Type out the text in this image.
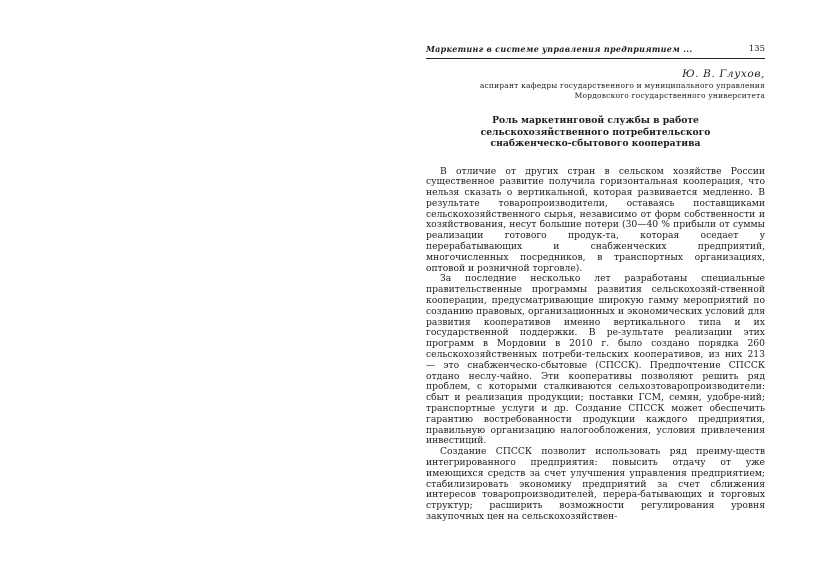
Маркетинг в системе управления предприятием ...	135
Ю. В. Глухов,
аспирант кафедры государственного и муниципального управления
Мордовского государственного университета
Роль маркетинговой службы в работе
сельскохозяйственного потребительского
снабженческо-сбытового кооператива

В отличие от других стран в сельском хозяйстве России существенное развитие получила горизонтальная кооперация, что нельзя сказать о вертикальной, которая развивается медленно. В результате товаропроизводители, оставаясь поставщиками сельскохозяйственного сырья, независимо от форм собственности и хозяйствования, несут большие потери (30—40 % прибыли от суммы реализации готового продук-та, которая оседает у перерабатывающих и снабженческих предприятий, многочисленных посредников, в транспортных организациях, оптовой и розничной торговле).

За последние несколько лет разработаны специальные правительственные программы развития сельскохозяй-ственной кооперации, предусматривающие широкую гамму мероприятий по созданию правовых, организационных и экономических условий для развития кооперативов именно вертикального типа и их государственной поддержки. В ре-зультате реализации этих программ в Мордовии в 2010 г. было создано порядка 260 сельскохозяйственных потреби-тельских кооперативов, из них 213 — это снабженческо-сбытовые (СПССК). Предпочтение СПССК отдано неслу-чайно. Эти кооперативы позволяют решить ряд проблем, с которыми сталкиваются сельхозтоваропроизводители: сбыт и реализация продукции; поставки ГСМ, семян, удобре-ний; транспортные услуги и др. Создание СПССК может обеспечить гарантию востребованности продукции каждого предприятия, правильную организацию налогообложения, условия привлечения инвестиций.

Создание СПССК позволит использовать ряд преиму-ществ интегрированного предприятия: повысить отдачу от уже имеющихся средств за счет улучшения управления предприятием; стабилизировать экономику предприятий за счет сближения интересов товаропроизводителей, перера-батывающих и торговых структур; расширить возможности регулирования уровня закупочных цен на сельскохозяйствен-
